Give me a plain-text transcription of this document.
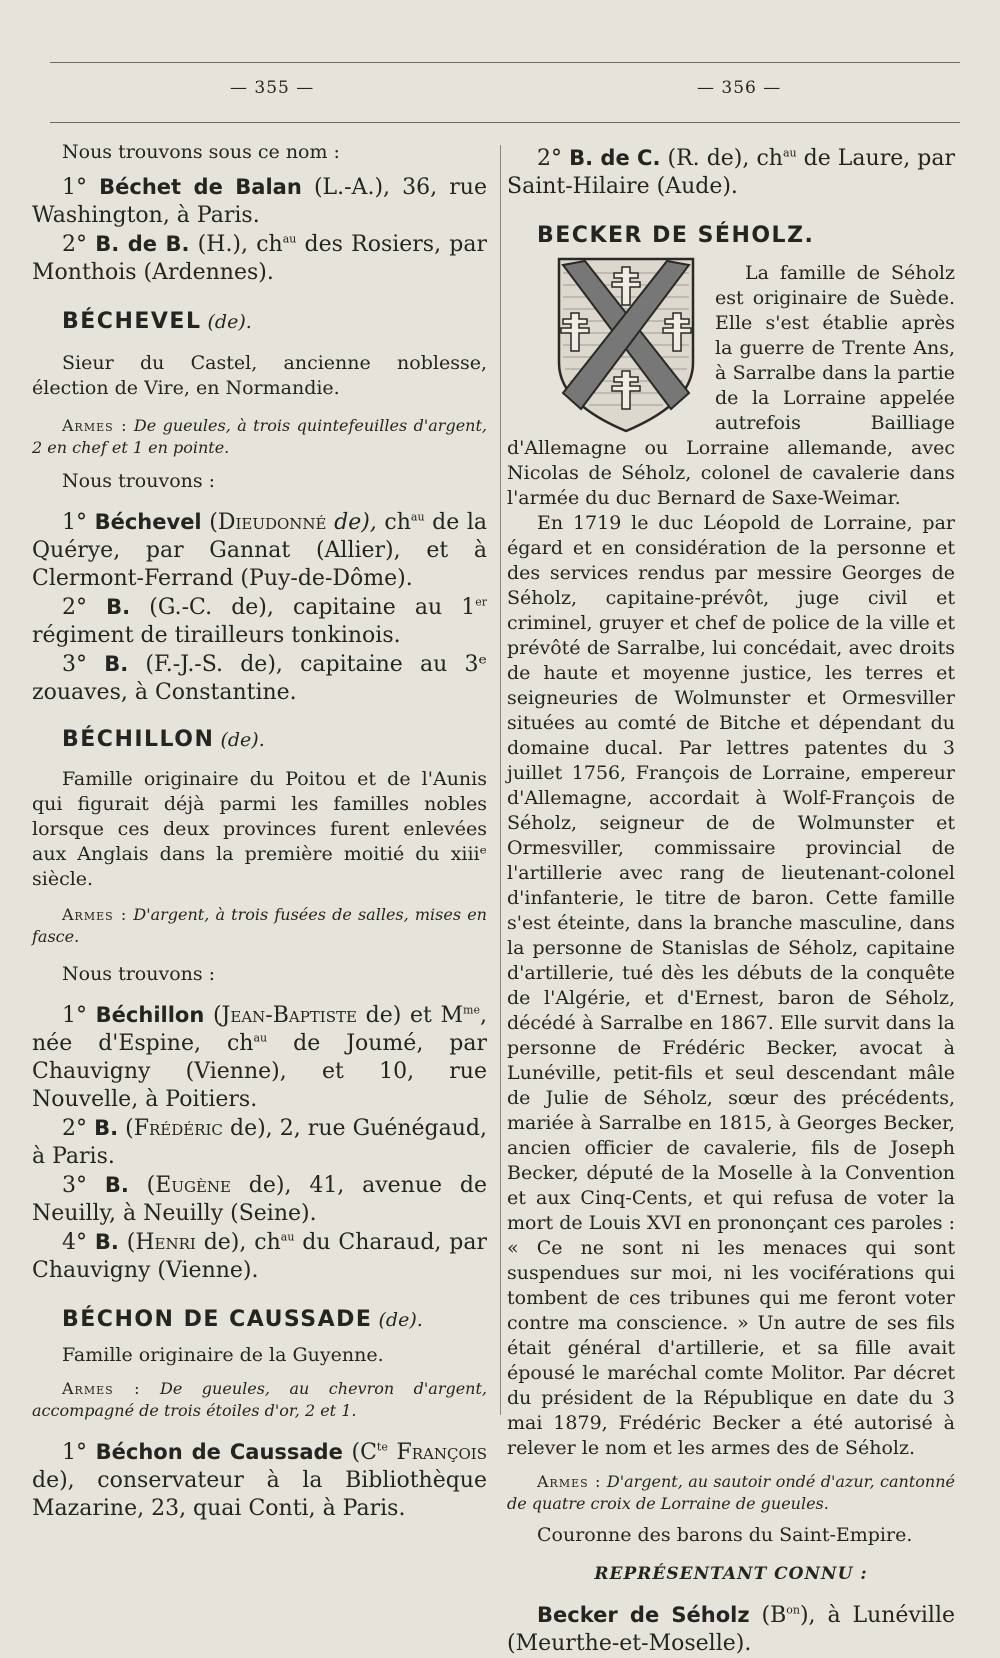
— 355 —	— 356 —

Nous trouvons sous ce nom :

1° Béchet de Balan (L.-A.), 36, rue Washington, à Paris.

2° B. de B. (H.), $ch^{au}$ des Rosiers, par Monthois (Ardennes).

BÉCHEVEL (de).

Sieur du Castel, ancienne noblesse, élection de Vire, en Normandie.

Armes : De gueules, à trois quintefeuilles d'argent, 2 en chef et 1 en pointe.

Nous trouvons :

1° Béchevel (Dieudonné de), $ch^{au}$ de la Quérye, par Gannat (Allier), et à Clermont-Ferrand (Puy-de-Dôme).

2° B. (G.-C. de), capitaine au 1er régiment de tirailleurs tonkinois.

3° B. (F.-J.-S. de), capitaine au 3ᵉ zouaves, à Constantine.

BÉCHILLON (de).

Famille originaire du Poitou et de l'Aunis qui figurait déjà parmi les familles nobles lorsque ces deux provinces furent enlevées aux Anglais dans la première moitié du xiiiᵉ siècle.

Armes : D'argent, à trois fusées de salles, mises en fasce.

Nous trouvons :

1° Béchillon (Jean-Baptiste de) et $M^{me}$, née d'Espine, $ch^{au}$ de Joumé, par Chauvigny (Vienne), et 10, rue Nouvelle, à Poitiers.

2° B. (Frédéric de), 2, rue Guénégaud, à Paris.

3° B. (Eugène de), 41, avenue de Neuilly, à Neuilly (Seine).

4° B. (Henri de), $ch^{au}$ du Charaud, par Chauvigny (Vienne).

BÉCHON DE CAUSSADE (de).

Famille originaire de la Guyenne.

Armes : De gueules, au chevron d'argent, accompagné de trois étoiles d'or, 2 et 1.

1° Béchon de Caussade ($C^{te}$ François de), conservateur à la Bibliothèque Mazarine, 23, quai Conti, à Paris.

2° B. de C. (R. de), $ch^{au}$ de Laure, par Saint-Hilaire (Aude).

BECKER DE SÉHOLZ.

La famille de Séholz est originaire de Suède. Elle s'est établie après la guerre de Trente Ans, à Sarralbe dans la partie de la Lorraine appelée autrefois Bailliage d'Allemagne ou Lorraine allemande, avec Nicolas de Séholz, colonel de cavalerie dans l'armée du duc Bernard de Saxe-Weimar.

En 1719 le duc Léopold de Lorraine, par égard et en considération de la personne et des services rendus par messire Georges de Séholz, capitaine-prévôt, juge civil et criminel, gruyer et chef de police de la ville et prévôté de Sarralbe, lui concédait, avec droits de haute et moyenne justice, les terres et seigneuries de Wolmunster et Ormesviller situées au comté de Bitche et dépendant du domaine ducal. Par lettres patentes du 3 juillet 1756, François de Lorraine, empereur d'Allemagne, accordait à Wolf-François de Séholz, seigneur de de Wolmunster et Ormesviller, commissaire provincial de l'artillerie avec rang de lieutenant-colonel d'infanterie, le titre de baron. Cette famille s'est éteinte, dans la branche masculine, dans la personne de Stanislas de Séholz, capitaine d'artillerie, tué dès les débuts de la conquête de l'Algérie, et d'Ernest, baron de Séholz, décédé à Sarralbe en 1867. Elle survit dans la personne de Frédéric Becker, avocat à Lunéville, petit-fils et seul descendant mâle de Julie de Séholz, sœur des précédents, mariée à Sarralbe en 1815, à Georges Becker, ancien officier de cavalerie, fils de Joseph Becker, député de la Moselle à la Convention et aux Cinq-Cents, et qui refusa de voter la mort de Louis XVI en prononçant ces paroles : « Ce ne sont ni les menaces qui sont suspendues sur moi, ni les vociférations qui tombent de ces tribunes qui me feront voter contre ma conscience. » Un autre de ses fils était général d'artillerie, et sa fille avait épousé le maréchal comte Molitor. Par décret du président de la République en date du 3 mai 1879, Frédéric Becker a été autorisé à relever le nom et les armes des de Séholz.

Armes : D'argent, au sautoir ondé d'azur, cantonné de quatre croix de Lorraine de gueules.

Couronne des barons du Saint-Empire.

REPRÉSENTANT CONNU :

Becker de Séholz $(B^{on})$, à Lunéville (Meurthe-et-Moselle).
